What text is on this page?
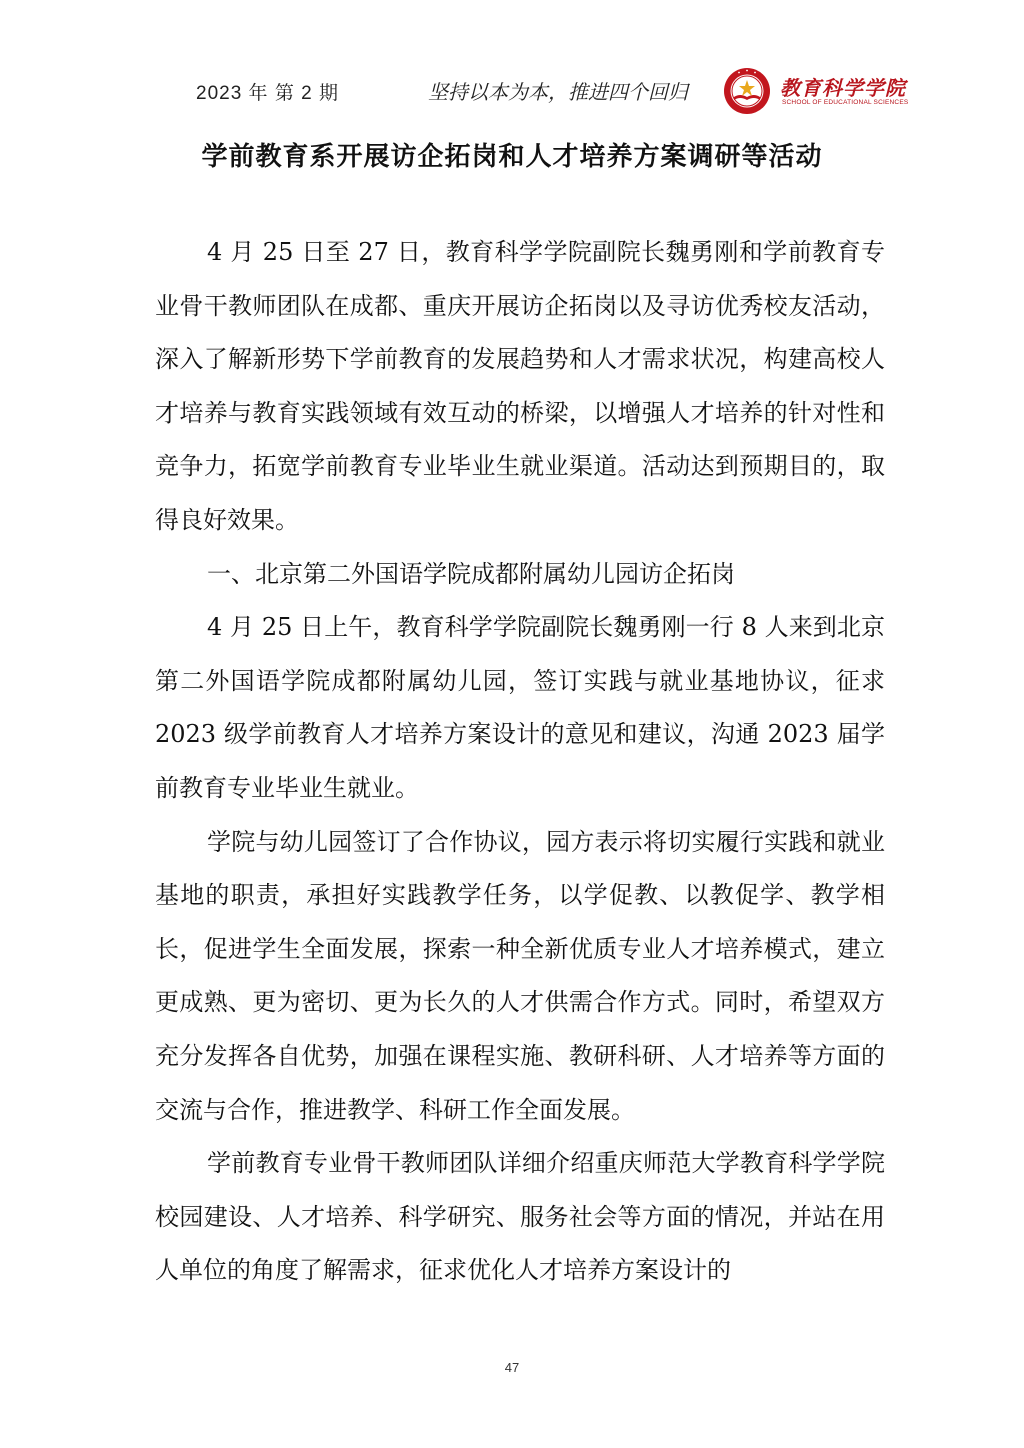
2023 年 第 2 期	坚持以本为本，推进四个回归	教育科学学院
SCHOOL OF EDUCATIONAL SCIENCES
学前教育系开展访企拓岗和人才培养方案调研等活动

4 月 25 日至 27 日，教育科学学院副院长魏勇刚和学前教育专业骨干教师团队在成都、重庆开展访企拓岗以及寻访优秀校友活动，深入了解新形势下学前教育的发展趋势和人才需求状况，构建高校人才培养与教育实践领域有效互动的桥梁，以增强人才培养的针对性和竞争力，拓宽学前教育专业毕业生就业渠道。活动达到预期目的，取得良好效果。

一、北京第二外国语学院成都附属幼儿园访企拓岗

4 月 25 日上午，教育科学学院副院长魏勇刚一行 8 人来到北京第二外国语学院成都附属幼儿园，签订实践与就业基地协议，征求 2023 级学前教育人才培养方案设计的意见和建议，沟通 2023 届学前教育专业毕业生就业。

学院与幼儿园签订了合作协议，园方表示将切实履行实践和就业基地的职责，承担好实践教学任务，以学促教、以教促学、教学相长，促进学生全面发展，探索一种全新优质专业人才培养模式，建立更成熟、更为密切、更为长久的人才供需合作方式。同时，希望双方充分发挥各自优势，加强在课程实施、教研科研、人才培养等方面的交流与合作，推进教学、科研工作全面发展。

学前教育专业骨干教师团队详细介绍重庆师范大学教育科学学院校园建设、人才培养、科学研究、服务社会等方面的情况，并站在用人单位的角度了解需求，征求优化人才培养方案设计的

47
